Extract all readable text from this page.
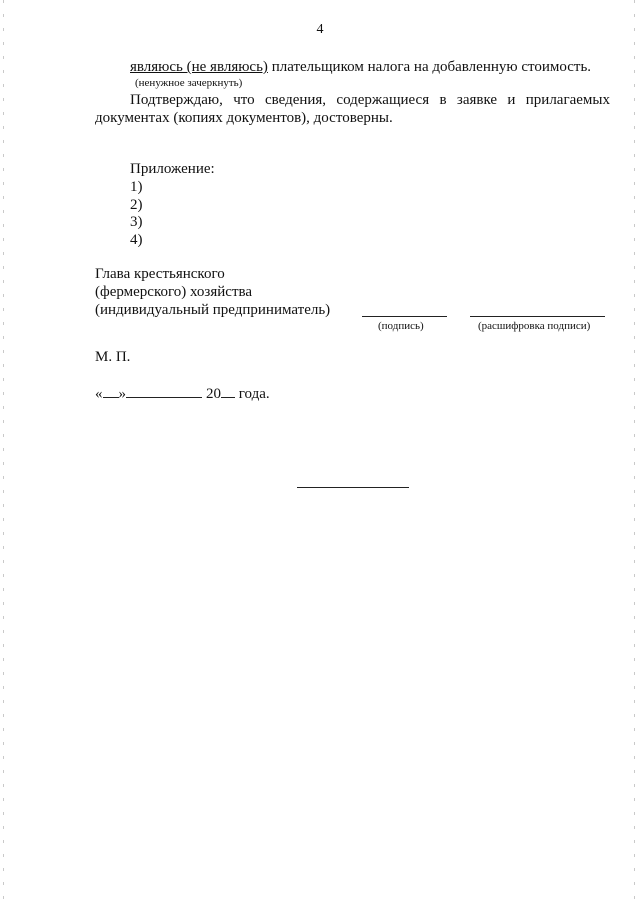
4
являюсь (не являюсь) плательщиком налога на добавленную стоимость.
(ненужное зачеркнуть)
Подтверждаю, что сведения, содержащиеся в заявке и прилагаемых
документах (копиях документов), достоверны.
Приложение:
1)
2)
3)
4)
Глава крестьянского
(фермерского) хозяйства
(индивидуальный предприниматель)
(подпись)	(расшифровка подписи)
М. П.
« »	20 года.
